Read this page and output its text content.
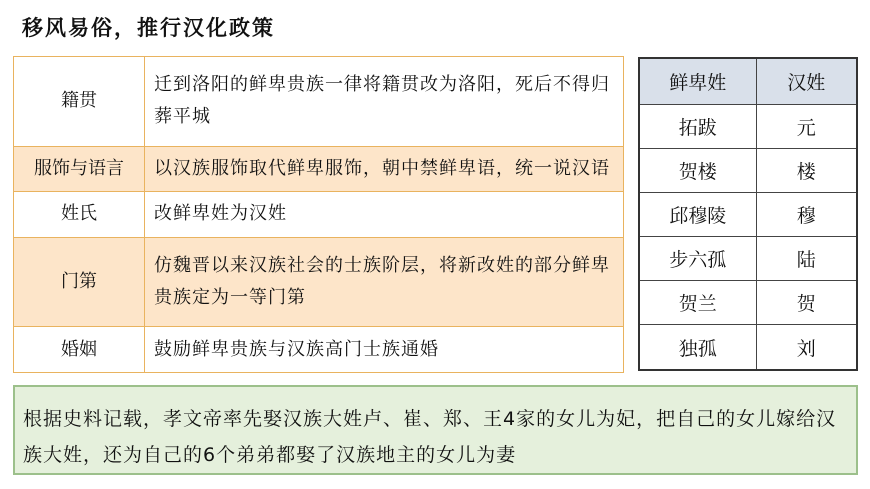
移风易俗，推行汉化政策
籍贯	迁到洛阳的鲜卑贵族一律将籍贯改为洛阳，死后不得归葬平城
服饰与语言	以汉族服饰取代鲜卑服饰，朝中禁鲜卑语，统一说汉语
姓氏	改鲜卑姓为汉姓
门第	仿魏晋以来汉族社会的士族阶层，将新改姓的部分鲜卑贵族定为一等门第
婚姻	鼓励鲜卑贵族与汉族高门士族通婚
鲜卑姓	汉姓
拓跋	元
贺楼	楼
邱穆陵	穆
步六孤	陆
贺兰	贺
独孤	刘
根据史料记载，孝文帝率先娶汉族大姓卢、崔、郑、王4家的女儿为妃，把自己的女儿嫁给汉族大姓，还为自己的6个弟弟都娶了汉族地主的女儿为妻
